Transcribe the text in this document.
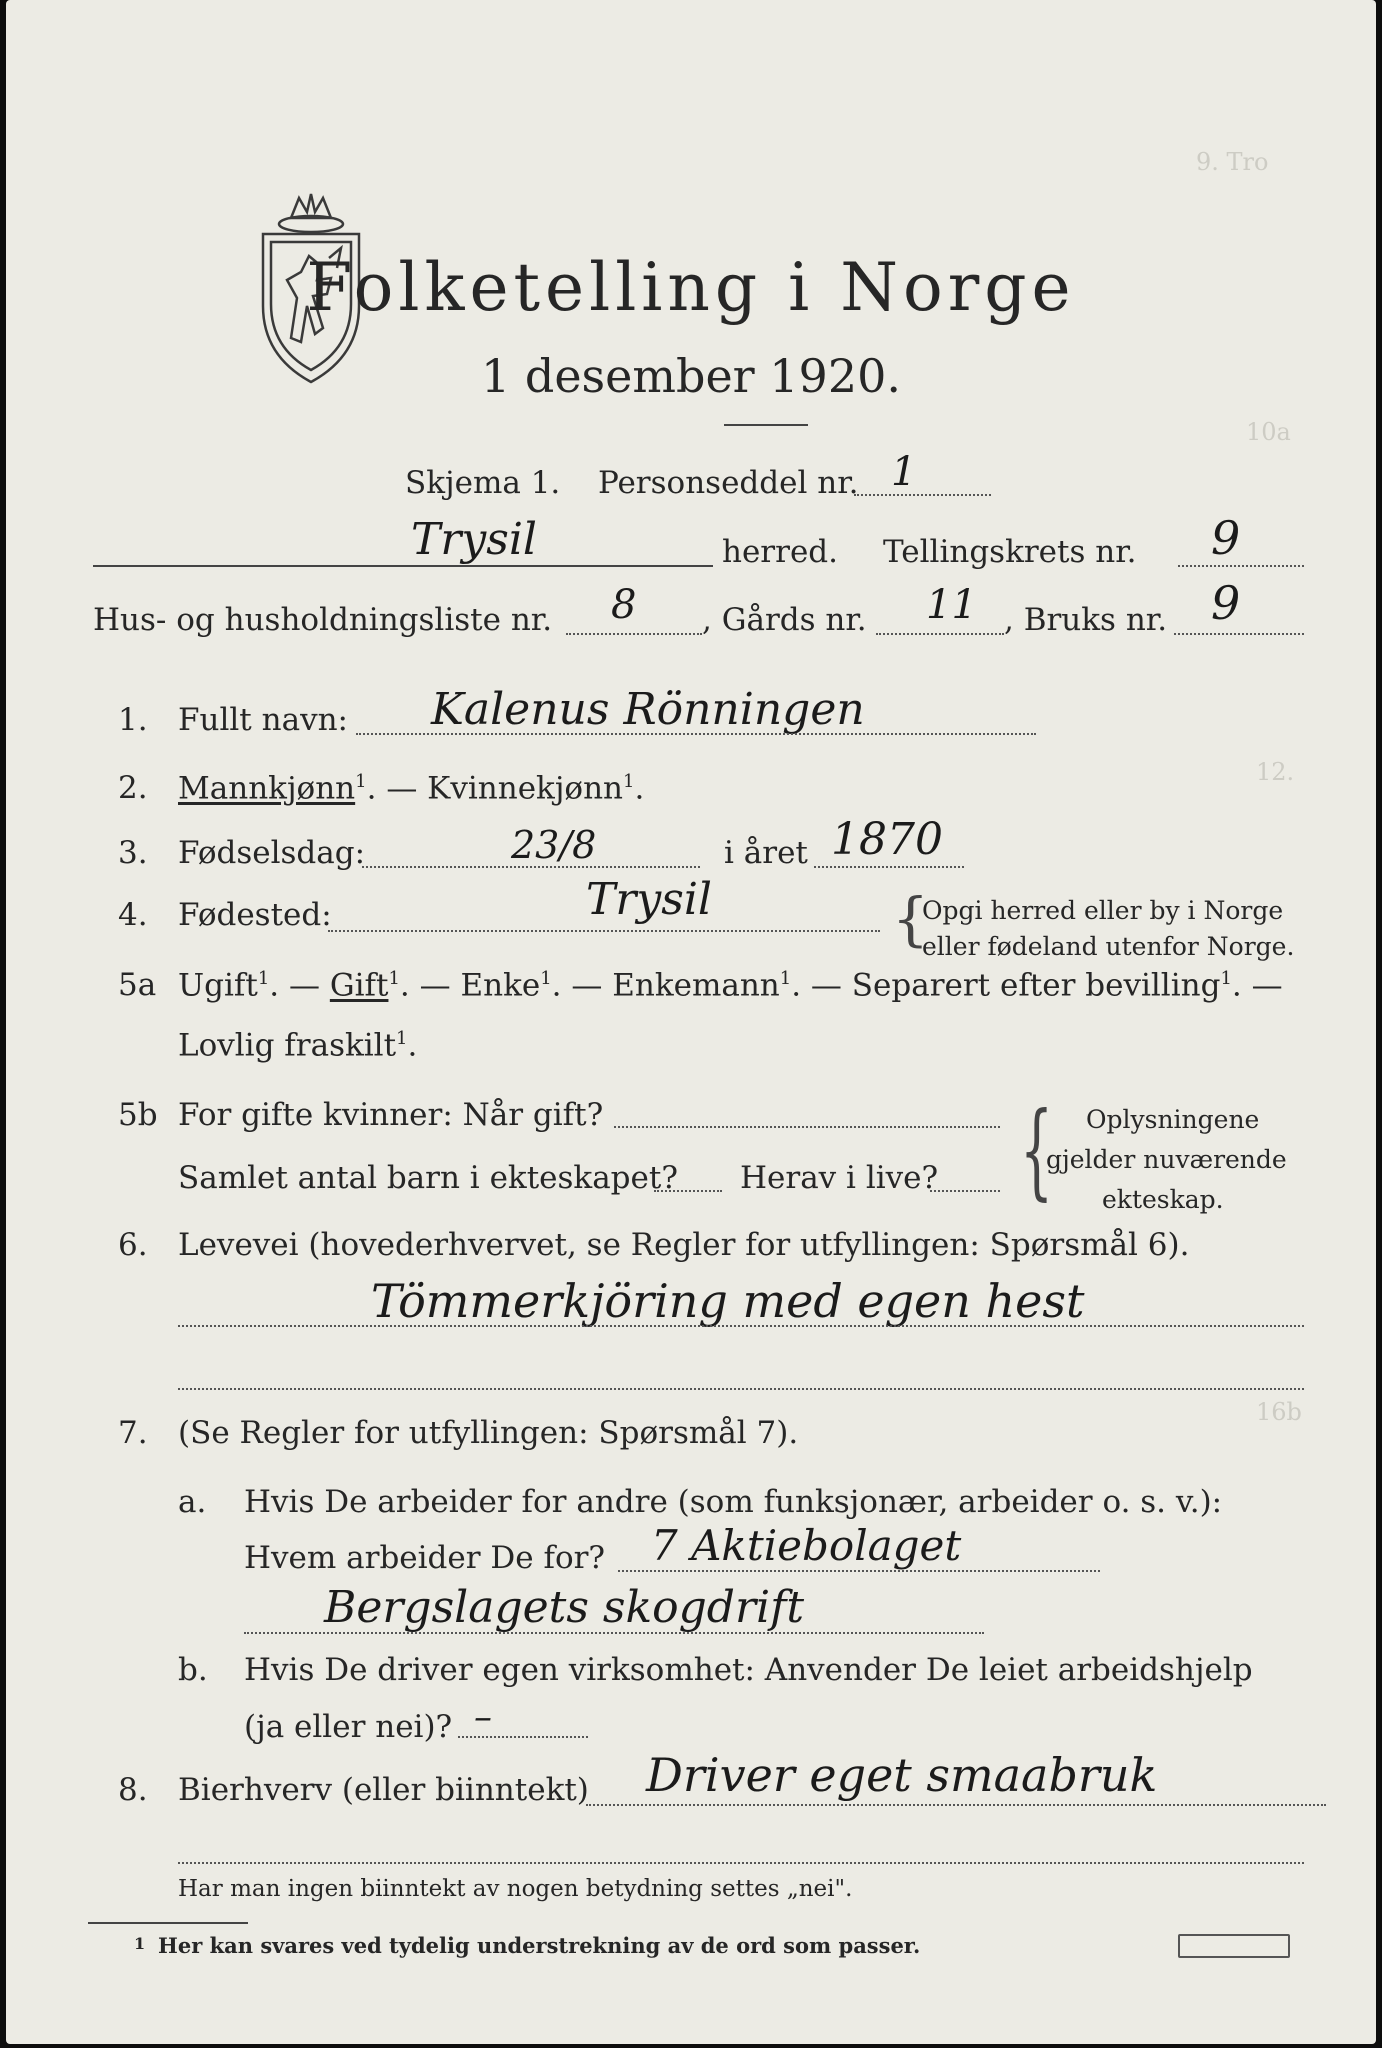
9. Tro
10a
12.
16b
Folketelling i Norge
1 desember 1920.
Skjema 1. Personseddel nr. 1
Trysil	herred. Tellingskrets nr. 9
Hus- og husholdningsliste nr. 8 , Gårds nr. 11 , Bruks nr. 9
1. Fullt navn: Kalenus Rönningen
2. Mannkjønn$^1$. — Kvinnekjønn$^1$.
3. Fødselsdag:	23/8	i året 1870
4. Fødested:	Trysil	{
Opgi herred eller by i Norge
eller fødeland utenfor Norge.
5a Ugift$^1$. — Gift$^1$. — Enke$^1$. — Enkemann$^1$. — Separert efter bevilling$^1$. —
Lovlig fraskilt$^1$.
5b For gifte kvinner: Når gift?
Samlet antal barn i ekteskapet? Herav i live? { Oplysningene
gjelder nuværende
ekteskap.
6. Levevei (hovederhvervet, se Regler for utfyllingen: Spørsmål 6).
Tömmerkjöring med egen hest
7. (Se Regler for utfyllingen: Spørsmål 7).
a. Hvis De arbeider for andre (som funksjonær, arbeider o. s. v.):
Hvem arbeider De for? 7 Aktiebolaget
Bergslagets skogdrift
b. Hvis De driver egen virksomhet: Anvender De leiet arbeidshjelp
(ja eller nei)? –
8. Bierhverv (eller biinntekt) Driver eget smaabruk
Har man ingen biinntekt av nogen betydning settes „nei".
1 Her kan svares ved tydelig understrekning av de ord som passer.
